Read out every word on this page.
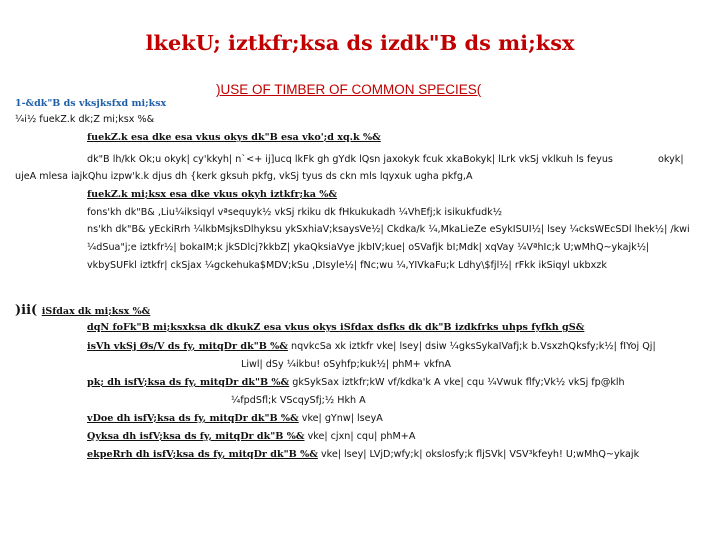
lkekU; iztkfr;ksa ds izdk"B ds mi;ksx
)USE OF TIMBER OF COMMON SPECIES(
1-&dk"B ds vksjksfxd mi;ksx
¼i½ fuekZ.k dk;Z mi;ksx %&
fuekZ.k esa dke esa vkus okys dk"B esa vko';d xq.k %&
dk"B lh/kk Ok;u okyk| cy'kkyh| n`<+ ij]ucq lkFk gh gYdk lQsn jaxokyk fcuk xkaBokyk| lLrk vkSj vklkuh ls feyus	okyk|
ujeA mlesa iajkQhu izpw'k.k djus dh {kerk gksuh pkfg, vkSj tyus ds ckn mls lqyxuk ugha pkfg,A
fuekZ.k mi;ksx esa dke vkus okyh iztkfr;ka %&
fons'kh dk"B& ,Liu¼iksiqyl vªsequyk½ vkSj rkiku dk fHkukukadh ¼VhEfj;k isikukfudk½
ns'kh dk"B& yEckiRrh ¼lkbMsjksDlhyksu ykSxhiaV;ksaysVe½| Ckdka/k ¼,MkaLieZe eSykISUI½| lsey ¼cksWEcSDl lhek½| /kwi
¼dSua"j;e iztkfr½| bokaIM;k jkSDlcj?kkbZ| ykaQksiaVye jkbIV;kue| oSVafjk bI;Mdk| xqVay ¼VªhIc;k U;wMhQ~ykajk½|
vkbySUFkl iztkfr| ckSjax ¼gckehuka$MDV;kSu ,DIsyle½| fNc;wu ¼,YIVkaFu;k Ldhy\$fjl½| rFkk ikSiqyl ukbxzk
)ii( iSfdax dk mi;ksx %&
dqN foFk"B mi;ksxksa dk dkukZ esa vkus okys iSfdax dsfks dk dk"B izdkfrks uhps fyfkh gS&
isVh vkSj Øs/V ds fy, mitqDr dk"B %& nqvkcSa xk iztkfr vke| lsey| dsiw ¼gksSykaIVafj;k b.VsxzhQksfy;k½| fIYoj Qj|
Liwl| dSy ¼ikbu! oSyhfp;kuk½| phM+ vkfnA
pk; dh isfV;ksa ds fy, mitqDr dk"B %& gkSykSax iztkfr;kW vf/kdka'k A vke| cqu ¼Vwuk flfy;Vk½ vkSj fp@klh
¼fpdSfl;k VScqySfj;½ Hkh A
vDoe dh isfV;ksa ds fy, mitqDr dk"B %& vke| gYnw| lseyA
Qyksa dh isfV;ksa ds fy, mitqDr dk"B %& vke| cjxn| cqu| phM+A
ekpeRrh dh isfV;ksa ds fy, mitqDr dk"B %& vke| lsey| LVjD;wfy;k| okslosfy;k fljSVk| VSV³kfeyh! U;wMhQ~ykajk
